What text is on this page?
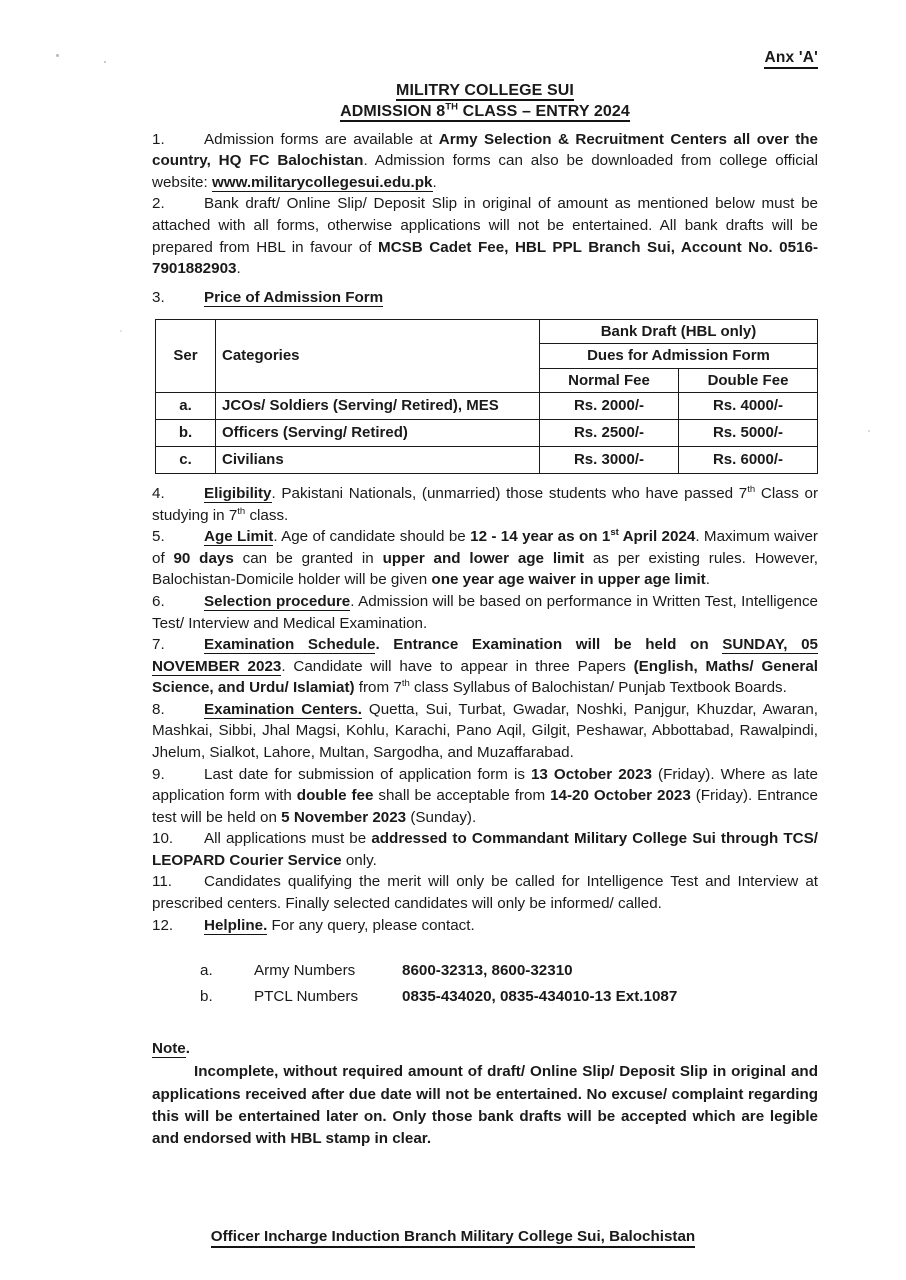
Anx 'A'
MILITRY COLLEGE SUI
ADMISSION 8TH CLASS – ENTRY 2024

1.	Admission forms are available at Army Selection & Recruitment Centers all over the country, HQ FC Balochistan. Admission forms can also be downloaded from college official website: www.militarycollegesui.edu.pk.

2.	Bank draft/ Online Slip/ Deposit Slip in original of amount as mentioned below must be attached with all forms, otherwise applications will not be entertained. All bank drafts will be prepared from HBL in favour of MCSB Cadet Fee, HBL PPL Branch Sui, Account No. 0516-7901882903.

3.	Price of Admission Form

Ser	Categories	Bank Draft (HBL only)	
		Dues for Admission Form	
		Normal Fee	Double Fee
a.	JCOs/ Soldiers (Serving/ Retired), MES	Rs. 2000/-	Rs. 4000/-
b.	Officers (Serving/ Retired)	Rs. 2500/-	Rs. 5000/-
c.	Civilians	Rs. 3000/-	Rs. 6000/-

4.	Eligibility. Pakistani Nationals, (unmarried) those students who have passed 7th Class or studying in 7th class.

5.	Age Limit. Age of candidate should be 12 - 14 year as on 1st April 2024. Maximum waiver of 90 days can be granted in upper and lower age limit as per existing rules. However, Balochistan-Domicile holder will be given one year age waiver in upper age limit.

6.	Selection procedure. Admission will be based on performance in Written Test, Intelligence Test/ Interview and Medical Examination.

7.	Examination Schedule. Entrance Examination will be held on SUNDAY, 05 NOVEMBER 2023. Candidate will have to appear in three Papers (English, Maths/ General Science, and Urdu/ Islamiat) from 7th class Syllabus of Balochistan/ Punjab Textbook Boards.

8.	Examination Centers. Quetta, Sui, Turbat, Gwadar, Noshki, Panjgur, Khuzdar, Awaran, Mashkai, Sibbi, Jhal Magsi, Kohlu, Karachi, Pano Aqil, Gilgit, Peshawar, Abbottabad, Rawalpindi, Jhelum, Sialkot, Lahore, Multan, Sargodha, and Muzaffarabad.

9.	Last date for submission of application form is 13 October 2023 (Friday). Where as late application form with double fee shall be acceptable from 14-20 October 2023 (Friday). Entrance test will be held on 5 November 2023 (Sunday).

10. All applications must be addressed to Commandant Military College Sui through TCS/ LEOPARD Courier Service only.

11. Candidates qualifying the merit will only be called for Intelligence Test and Interview at prescribed centers. Finally selected candidates will only be informed/ called.

12. Helpline. For any query, please contact.

a.	Army Numbers	8600-32313, 8600-32310
b.	PTCL Numbers	0835-434020, 0835-434010-13 Ext.1087
Note.

Incomplete, without required amount of draft/ Online Slip/ Deposit Slip in original and applications received after due date will not be entertained. No excuse/ complaint regarding this will be entertained later on. Only those bank drafts will be accepted which are legible and endorsed with HBL stamp in clear.

Officer Incharge Induction Branch Military College Sui, Balochistan
